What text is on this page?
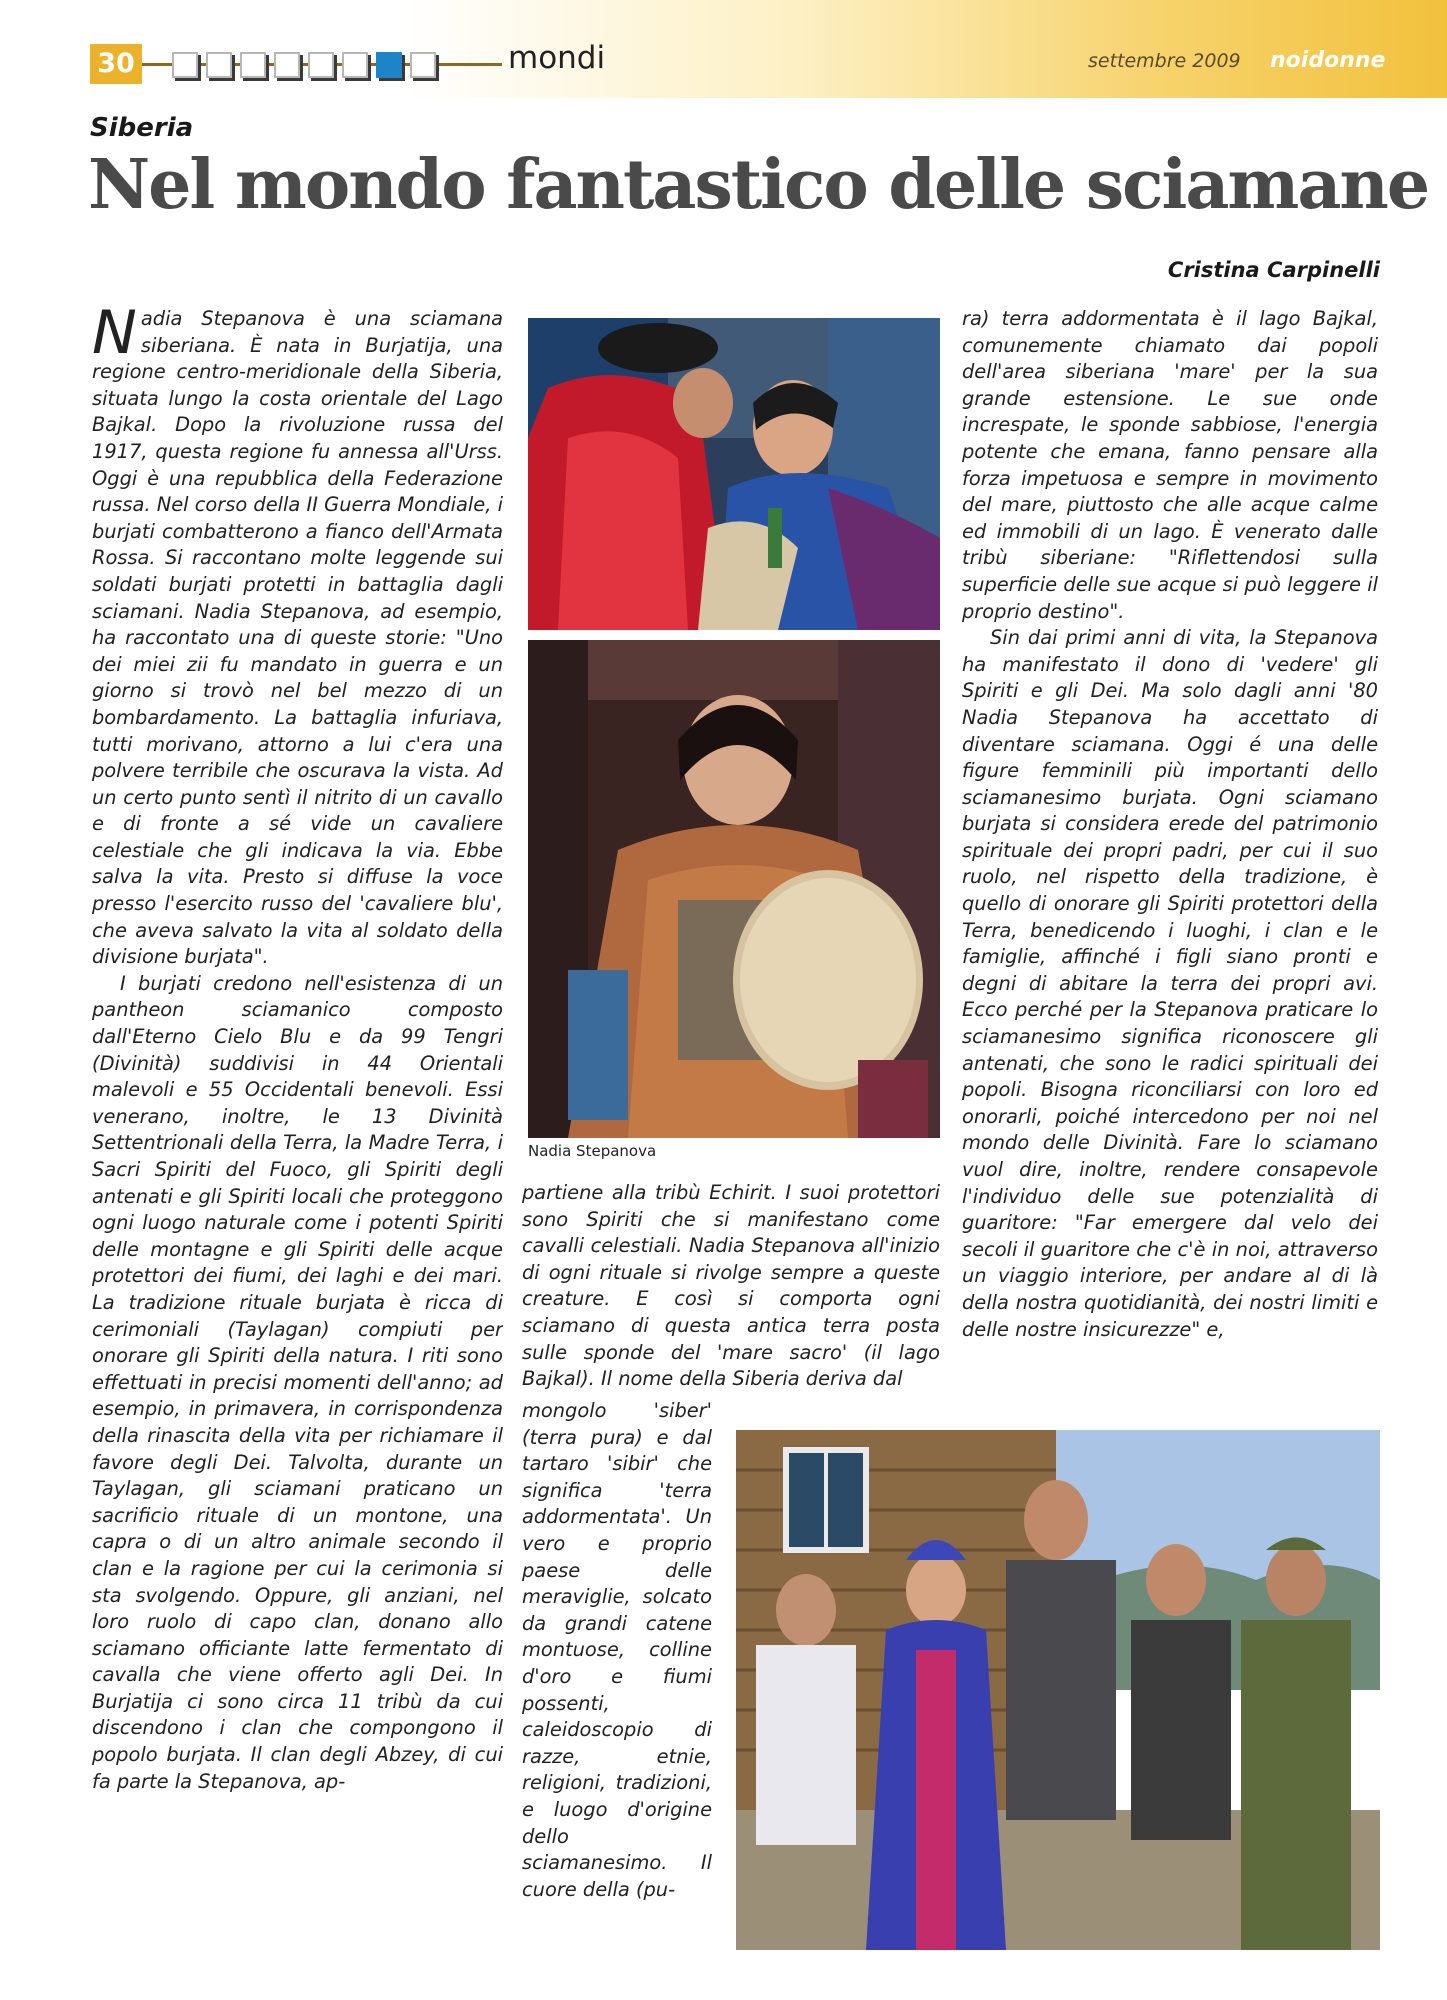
30	mondi	settembre 2009 noidonne
Siberia
Nel mondo fantastico delle sciamane
Cristina Carpinelli

Nadia Stepanova è una sciamana siberiana. È nata in Burjatija, una regione centro-meridionale della Siberia, situata lungo la costa orientale del Lago Bajkal. Dopo la rivoluzione russa del 1917, questa regione fu annessa all'Urss. Oggi è una repubblica della Federazione russa. Nel corso della II Guerra Mondiale, i burjati combatterono a fianco dell'Armata Rossa. Si raccontano molte leggende sui soldati burjati protetti in battaglia dagli sciamani. Nadia Stepanova, ad esempio, ha raccontato una di queste storie: "Uno dei miei zii fu mandato in guerra e un giorno si trovò nel bel mezzo di un bombardamento. La battaglia infuriava, tutti morivano, attorno a lui c'era una polvere terribile che oscurava la vista. Ad un certo punto sentì il nitrito di un cavallo e di fronte a sé vide un cavaliere celestiale che gli indicava la via. Ebbe salva la vita. Presto si diffuse la voce presso l'esercito russo del 'cavaliere blu', che aveva salvato la vita al soldato della divisione burjata".

I burjati credono nell'esistenza di un pantheon sciamanico composto dall'Eterno Cielo Blu e da 99 Tengri (Divinità) suddivisi in 44 Orientali malevoli e 55 Occidentali benevoli. Essi venerano, inoltre, le 13 Divinità Settentrionali della Terra, la Madre Terra, i Sacri Spiriti del Fuoco, gli Spiriti degli antenati e gli Spiriti locali che proteggono ogni luogo naturale come i potenti Spiriti delle montagne e gli Spiriti delle acque protettori dei fiumi, dei laghi e dei mari. La tradizione rituale burjata è ricca di cerimoniali (Taylagan) compiuti per onorare gli Spiriti della natura. I riti sono effettuati in precisi momenti dell'anno; ad esempio, in primavera, in corrispondenza della rinascita della vita per richiamare il favore degli Dei. Talvolta, durante un Taylagan, gli sciamani praticano un sacrificio rituale di un montone, una capra o di un altro animale secondo il clan e la ragione per cui la cerimonia si sta svolgendo. Oppure, gli anziani, nel loro ruolo di capo clan, donano allo sciamano officiante latte fermentato di cavalla che viene offerto agli Dei. In Burjatija ci sono circa 11 tribù da cui discendono i clan che compongono il popolo burjata. Il clan degli Abzey, di cui fa parte la Stepanova, ap-

Nadia Stepanova

partiene alla tribù Echirit. I suoi protettori sono Spiriti che si manifestano come cavalli celestiali. Nadia Stepanova all'inizio di ogni rituale si rivolge sempre a queste creature. E così si comporta ogni sciamano di questa antica terra posta sulle sponde del 'mare sacro' (il lago Bajkal). Il nome della Siberia deriva dal

mongolo 'siber' (terra pura) e dal tartaro 'sibir' che significa 'terra addormentata'. Un vero e proprio paese delle meraviglie, solcato da grandi catene montuose, colline d'oro e fiumi possenti, caleidoscopio di razze, etnie, religioni, tradizioni, e luogo d'origine dello sciamanesimo. Il cuore della (pu-

ra) terra addormentata è il lago Bajkal, comunemente chiamato dai popoli dell'area siberiana 'mare' per la sua grande estensione. Le sue onde increspate, le sponde sabbiose, l'energia potente che emana, fanno pensare alla forza impetuosa e sempre in movimento del mare, piuttosto che alle acque calme ed immobili di un lago. È venerato dalle tribù siberiane: "Riflettendosi sulla superficie delle sue acque si può leggere il proprio destino".

Sin dai primi anni di vita, la Stepanova ha manifestato il dono di 'vedere' gli Spiriti e gli Dei. Ma solo dagli anni '80 Nadia Stepanova ha accettato di diventare sciamana. Oggi é una delle figure femminili più importanti dello sciamanesimo burjata. Ogni sciamano burjata si considera erede del patrimonio spirituale dei propri padri, per cui il suo ruolo, nel rispetto della tradizione, è quello di onorare gli Spiriti protettori della Terra, benedicendo i luoghi, i clan e le famiglie, affinché i figli siano pronti e degni di abitare la terra dei propri avi. Ecco perché per la Stepanova praticare lo sciamanesimo significa riconoscere gli antenati, che sono le radici spirituali dei popoli. Bisogna riconciliarsi con loro ed onorarli, poiché intercedono per noi nel mondo delle Divinità. Fare lo sciamano vuol dire, inoltre, rendere consapevole l'individuo delle sue potenzialità di guaritore: "Far emergere dal velo dei secoli il guaritore che c'è in noi, attraverso un viaggio interiore, per andare al di là della nostra quotidianità, dei nostri limiti e delle nostre insicurezze" e,
